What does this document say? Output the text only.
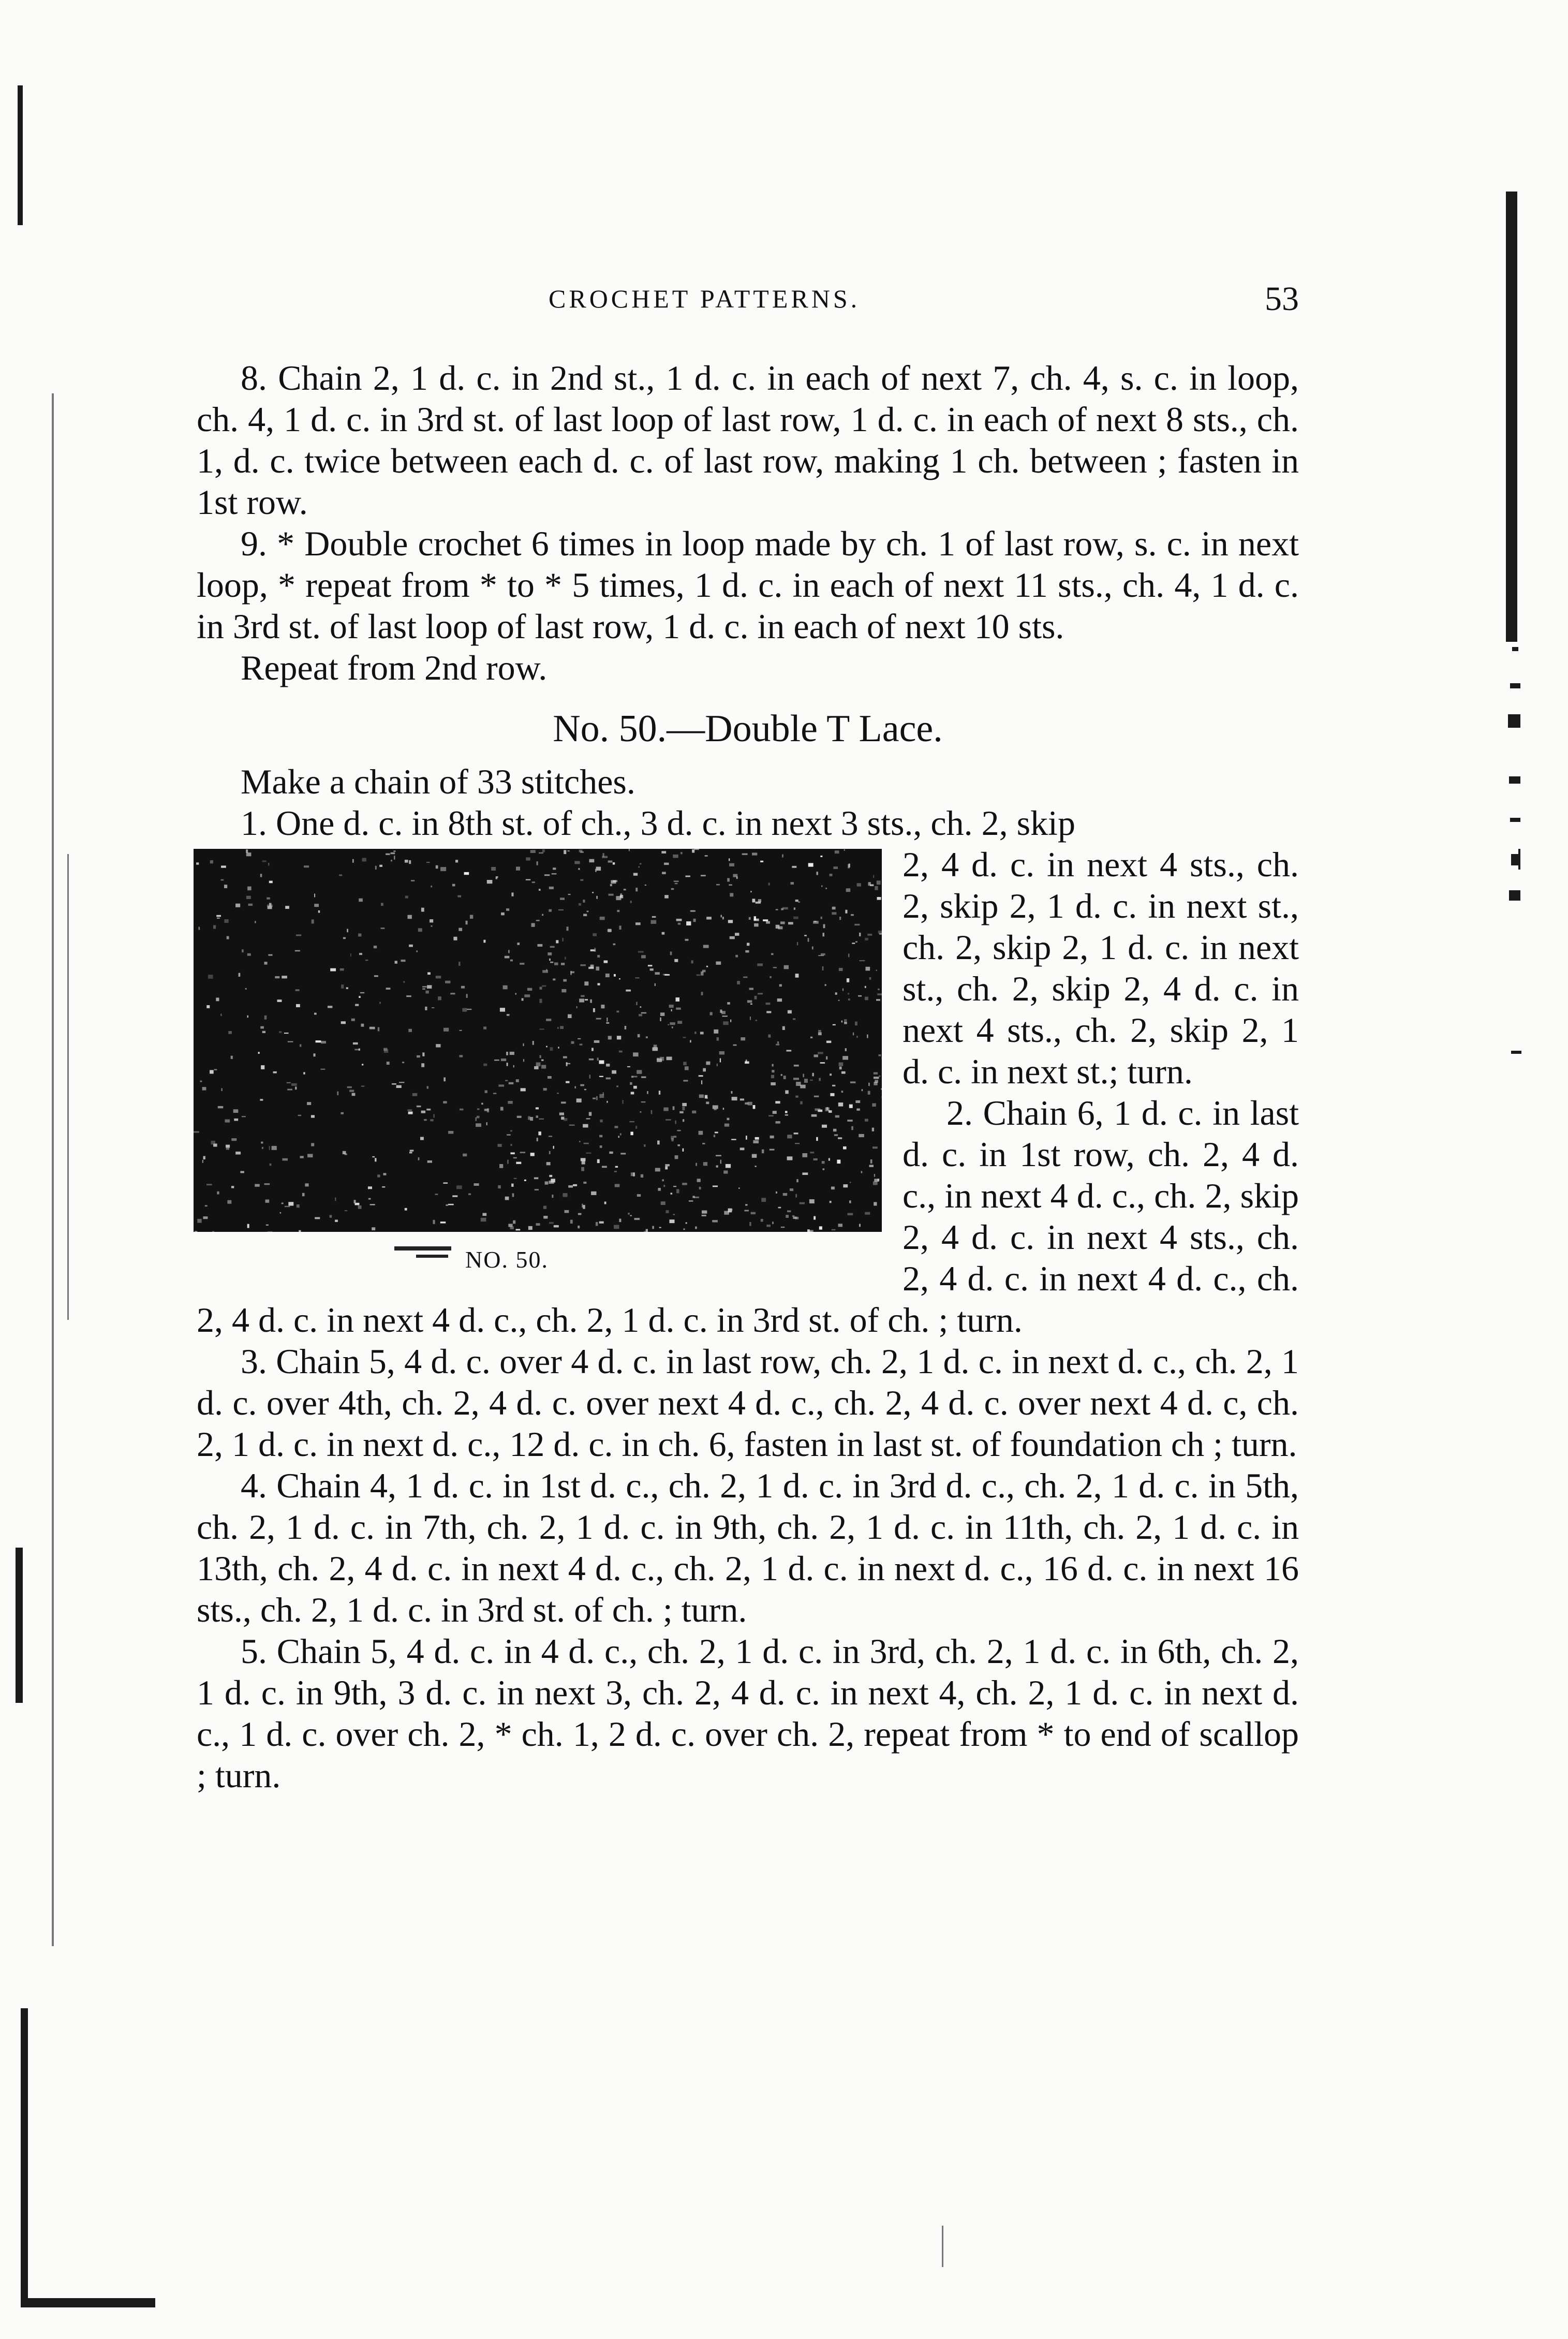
CROCHET PATTERNS.	53

8. Chain 2, 1 d. c. in 2nd st., 1 d. c. in each of next 7, ch. 4, s. c. in loop, ch. 4, 1 d. c. in 3rd st. of last loop of last row, 1 d. c. in each of next 8 sts., ch. 1, d. c. twice between each d. c. of last row, making 1 ch. between ; fasten in 1st row.

9. * Double crochet 6 times in loop made by ch. 1 of last row, s. c. in next loop, * repeat from * to * 5 times, 1 d. c. in each of next 11 sts., ch. 4, 1 d. c. in 3rd st. of last loop of last row, 1 d. c. in each of next 10 sts.

Repeat from 2nd row.

No. 50.—Double T Lace.

Make a chain of 33 stitches.

1. One d. c. in 8th st. of ch., 3 d. c. in next 3 sts., ch. 2, skip

NO. 50.

2, 4 d. c. in next 4 sts., ch. 2, skip 2, 1 d. c. in next st., ch. 2, skip 2, 1 d. c. in next st., ch. 2, skip 2, 4 d. c. in next 4 sts., ch. 2, skip 2, 1 d. c. in next st.; turn.

2. Chain 6, 1 d. c. in last d. c. in 1st row, ch. 2, 4 d. c., in next 4 d. c., ch. 2, skip 2, 4 d. c. in next 4 sts., ch. 2, 4 d. c. in next 4 d. c., ch. 2, 4 d. c. in next 4 d. c., ch. 2, 1 d. c. in 3rd st. of ch. ; turn.

3. Chain 5, 4 d. c. over 4 d. c. in last row, ch. 2, 1 d. c. in next d. c., ch. 2, 1 d. c. over 4th, ch. 2, 4 d. c. over next 4 d. c., ch. 2, 4 d. c. over next 4 d. c, ch. 2, 1 d. c. in next d. c., 12 d. c. in ch. 6, fasten in last st. of foundation ch ; turn.

4. Chain 4, 1 d. c. in 1st d. c., ch. 2, 1 d. c. in 3rd d. c., ch. 2, 1 d. c. in 5th, ch. 2, 1 d. c. in 7th, ch. 2, 1 d. c. in 9th, ch. 2, 1 d. c. in 11th, ch. 2, 1 d. c. in 13th, ch. 2, 4 d. c. in next 4 d. c., ch. 2, 1 d. c. in next d. c., 16 d. c. in next 16 sts., ch. 2, 1 d. c. in 3rd st. of ch. ; turn.

5. Chain 5, 4 d. c. in 4 d. c., ch. 2, 1 d. c. in 3rd, ch. 2, 1 d. c. in 6th, ch. 2, 1 d. c. in 9th, 3 d. c. in next 3, ch. 2, 4 d. c. in next 4, ch. 2, 1 d. c. in next d. c., 1 d. c. over ch. 2, * ch. 1, 2 d. c. over ch. 2, repeat from * to end of scallop ; turn.
